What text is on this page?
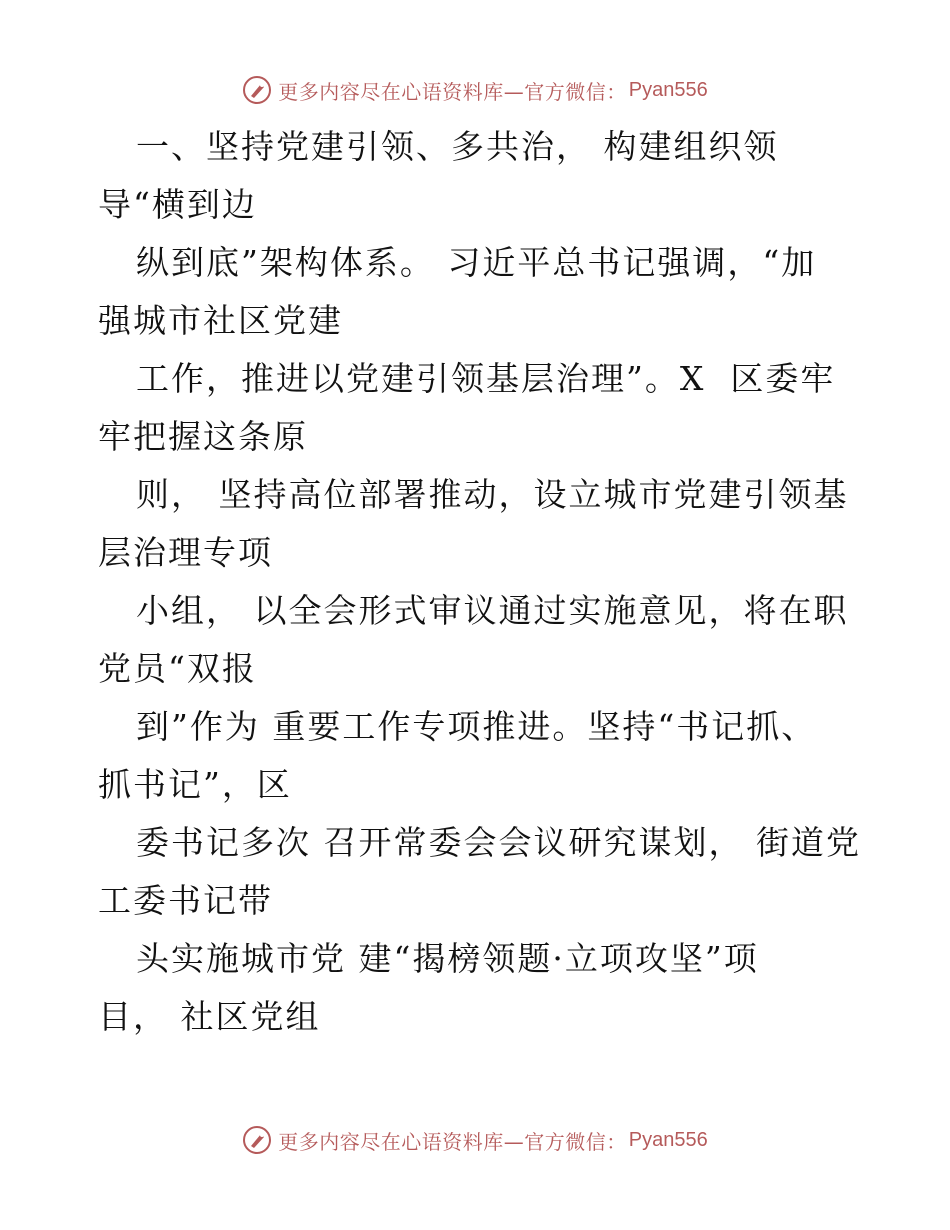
更多内容尽在心语资料库—官方微信： Pyan556
一、坚持党建引领、多共治， 构建组织领
导“横到边
纵到底”架构体系。 习近平总书记强调，“加
强城市社区党建
工作，推进以党建引领基层治理”。X  区委牢
牢把握这条原
则， 坚持高位部署推动，设立城市党建引领基
层治理专项
小组， 以全会形式审议通过实施意见，将在职
党员“双报
到”作为 重要工作专项推进。坚持“书记抓、
抓书记”，区
委书记多次 召开常委会会议研究谋划， 街道党
工委书记带
头实施城市党 建“揭榜领题·立项攻坚”项
目， 社区党组
更多内容尽在心语资料库—官方微信： Pyan556
